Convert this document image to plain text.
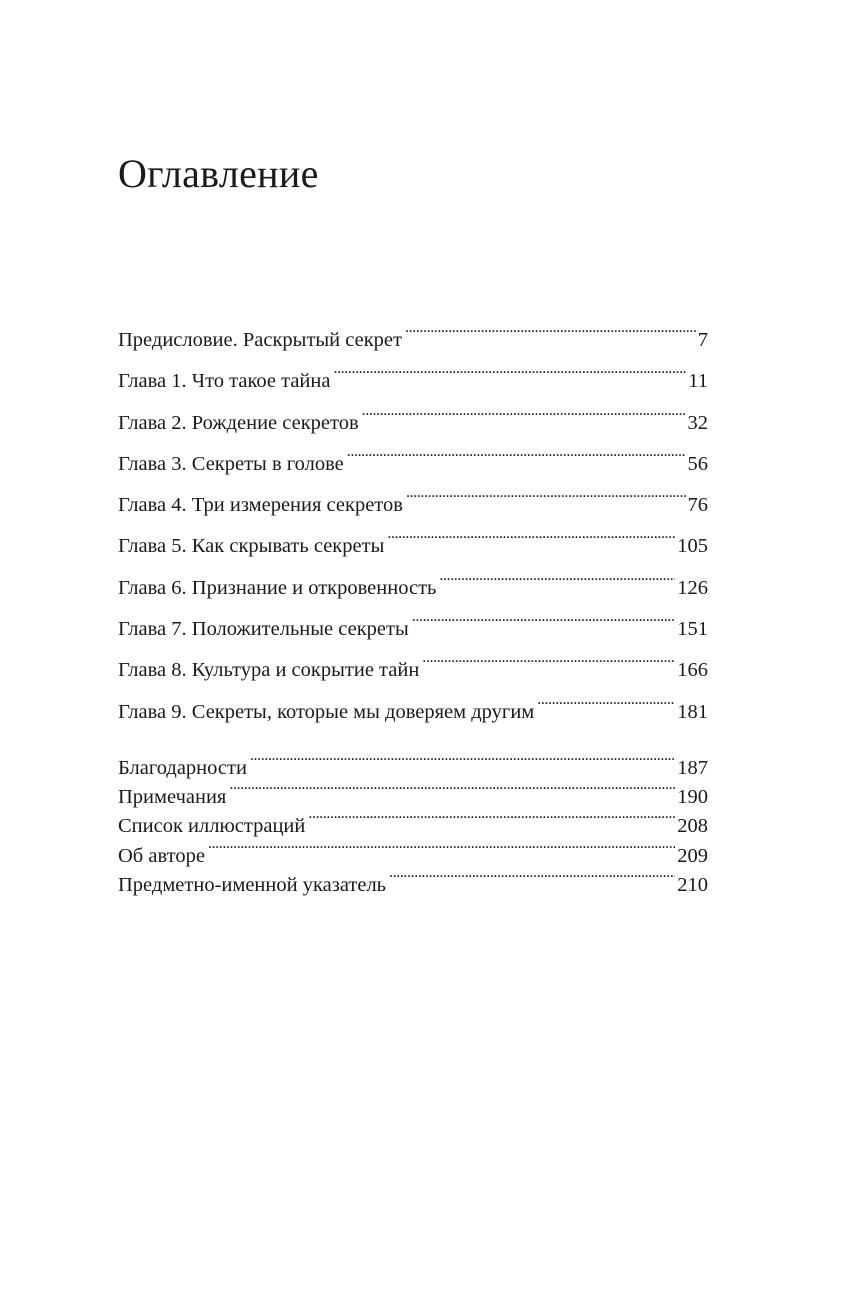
Оглавление
Предисловие. Раскрытый секрет . . .	7
Глава 1. Что такое тайна . . .	11
Глава 2. Рождение секретов . . .	32
Глава 3. Секреты в голове . . .	56
Глава 4. Три измерения секретов . . .	76
Глава 5. Как скрывать секреты . . .	105
Глава 6. Признание и откровенность . . .	126
Глава 7. Положительные секреты . . .	151
Глава 8. Культура и сокрытие тайн . . .	166
Глава 9. Секреты, которые мы доверяем другим . . .	181
Благодарности . . .	187
Примечания . . .	190
Список иллюстраций . . .	208
Об авторе . . .	209
Предметно-именной указатель . . .	210
